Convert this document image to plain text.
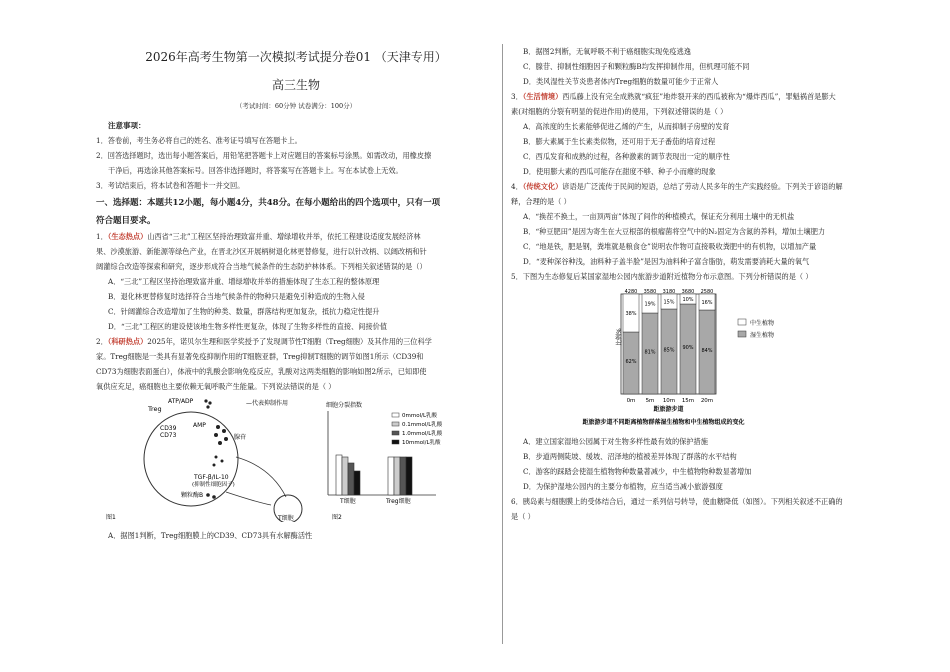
2026年高考生物第一次模拟考试提分卷01 （天津专用）
高三生物
（考试时间：60分钟 试卷满分：100分）
注意事项：
1．答卷前，考生务必将自己的姓名、准考证号填写在答题卡上。
2．回答选择题时，选出每小题答案后，用铅笔把答题卡上对应题目的答案标号涂黑。如需改动，用橡皮擦
干净后，再选涂其他答案标号。回答非选择题时，将答案写在答题卡上。写在本试卷上无效。
3．考试结束后，将本试卷和答题卡一并交回。
一、选择题：本题共12小题，每小题4分，共48分。在每小题给出的四个选项中，只有一项
符合题目要求。
1．（生态热点）山西省“三北”工程区坚持治理致富并重、增绿增收并举，依托工程建设适度发展经济林
果、沙漠旅游、新能源等绿色产业，在晋北沙区开展柄树退化林更替修复，进行以针改柄、以阔改柄和针
阔灌综合改造等探索和研究，逐步形成符合当地气候条件的生态防护林体系。下列相关叙述错误的是（）
A．“三北”工程区坚持治理致富并重、增绿增收并举的措施体现了生态工程的整体原理
B．退化林更替修复时选择符合当地气候条件的物种只是避免引种造成的生物入侵
C．针阔灌综合改造增加了生物的种类、数量，群落结构更加复杂，抵抗力稳定性提升
D．“三北”工程区的建设使该地生物多样性更复杂，体现了生物多样性的直接、间接价值
2．（科研热点）2025年，诺贝尔生理和医学奖授予了发现调节性T细胞（Treg细胞）及其作用的三位科学
家。Treg细胞是一类具有显著免疫抑制作用的T细胞亚群，Treg抑制T细胞的调节如图1所示（CD39和
CD73为细胞表面蛋白），体液中的乳酸会影响免疫反应，乳酸对这两类细胞的影响如图2所示，已知即使
氧供应充足，癌细胞也主要依赖无氧呼吸产生能量。下列说法错误的是（ ）
Treg
ATP/ADP
AMP
CD39
CD73	腺苷
TGF-β/IL-10
(抑制性细胞因子)
颗粒酶B
T细胞
—代表抑制作用
图1
细胞分裂指数
T细胞	Treg细胞
0mmol/L乳酸
0.1mmol/L乳酸
1.0mmol/L乳酸
10mmol/L乳酸
图2
A．据图1判断，Treg细胞膜上的CD39、CD73具有水解酶活性
B．据图2判断，无氧呼吸不利于癌细胞实现免疫逃逸
C．腺苷、抑制性细胞因子和颗粒酶B均发挥抑制作用，但机理可能不同
D．类风湿性关节炎患者体内Treg细胞的数量可能少于正常人
3．（生活情境）西瓜藤上没有完全成熟就“疯狂”地炸裂开来的西瓜被称为“爆炸西瓜”，罪魁祸首是膨大
素(对细胞的分裂有明显的促进作用)的使用，下列叙述错误的是（ ）
A．高浓度的生长素能够促进乙烯的产生，从而抑制子房壁的发育
B．膨大素属于生长素类似物，还可用于无子番茄的培育过程
C．西瓜发育和成熟的过程，各种激素的调节表现出一定的顺序性
D．使用膨大素的西瓜可能存在甜度不够、种子小而瘪的现象
4．（传统文化）谚语是广泛流传于民间的短语，总结了劳动人民多年的生产实践经验。下列关于谚语的解
释，合理的是（ ）
A．“换茬不换土，一亩顶两亩”体现了间作的种植模式，保证充分利用土壤中的无机盐
B．“种豆肥田”是因为寄生在大豆根部的根瘤菌将空气中的N₂固定为含氮的养料，增加土壤肥力
C．“地是铁，肥是钢，粪堆就是粮食仓”说明农作物可直接吸收粪肥中的有机物，以增加产量
D．“麦种深谷种浅，油料种子盖半脸”是因为油料种子富含脂肪，萌发需要消耗大量的氧气
5．下图为生态修复后某国家湿地公园内旅游步道附近植物分布示意图。下列分析错误的是（ ）
比例%
62%
38%
4280
0m
81%
19%
3580
5m
85%
15%
3180
10m
90%
10%
3680
15m
84%
16%
2580
20m
距旅游步道
距旅游步道不同距离植物群落湿生植物和中生植物组成的变化
中生植物
湿生植物
A．建立国家湿地公园属于对生物多样性最有效的保护措施
B．步道两侧陡坡、缓坡、沼泽地的植被差异体现了群落的水平结构
C．游客的踩踏会使湿生植物物种数量著减少，中生植物物种数显著增加
D．为保护湿地公园内的主要分布植物，应当适当减小旅游强度
6．胰岛素与细胞膜上的受体结合后，通过一系列信号转导，使血糖降低（如图）。下列相关叙述不正确的
是（ ）
